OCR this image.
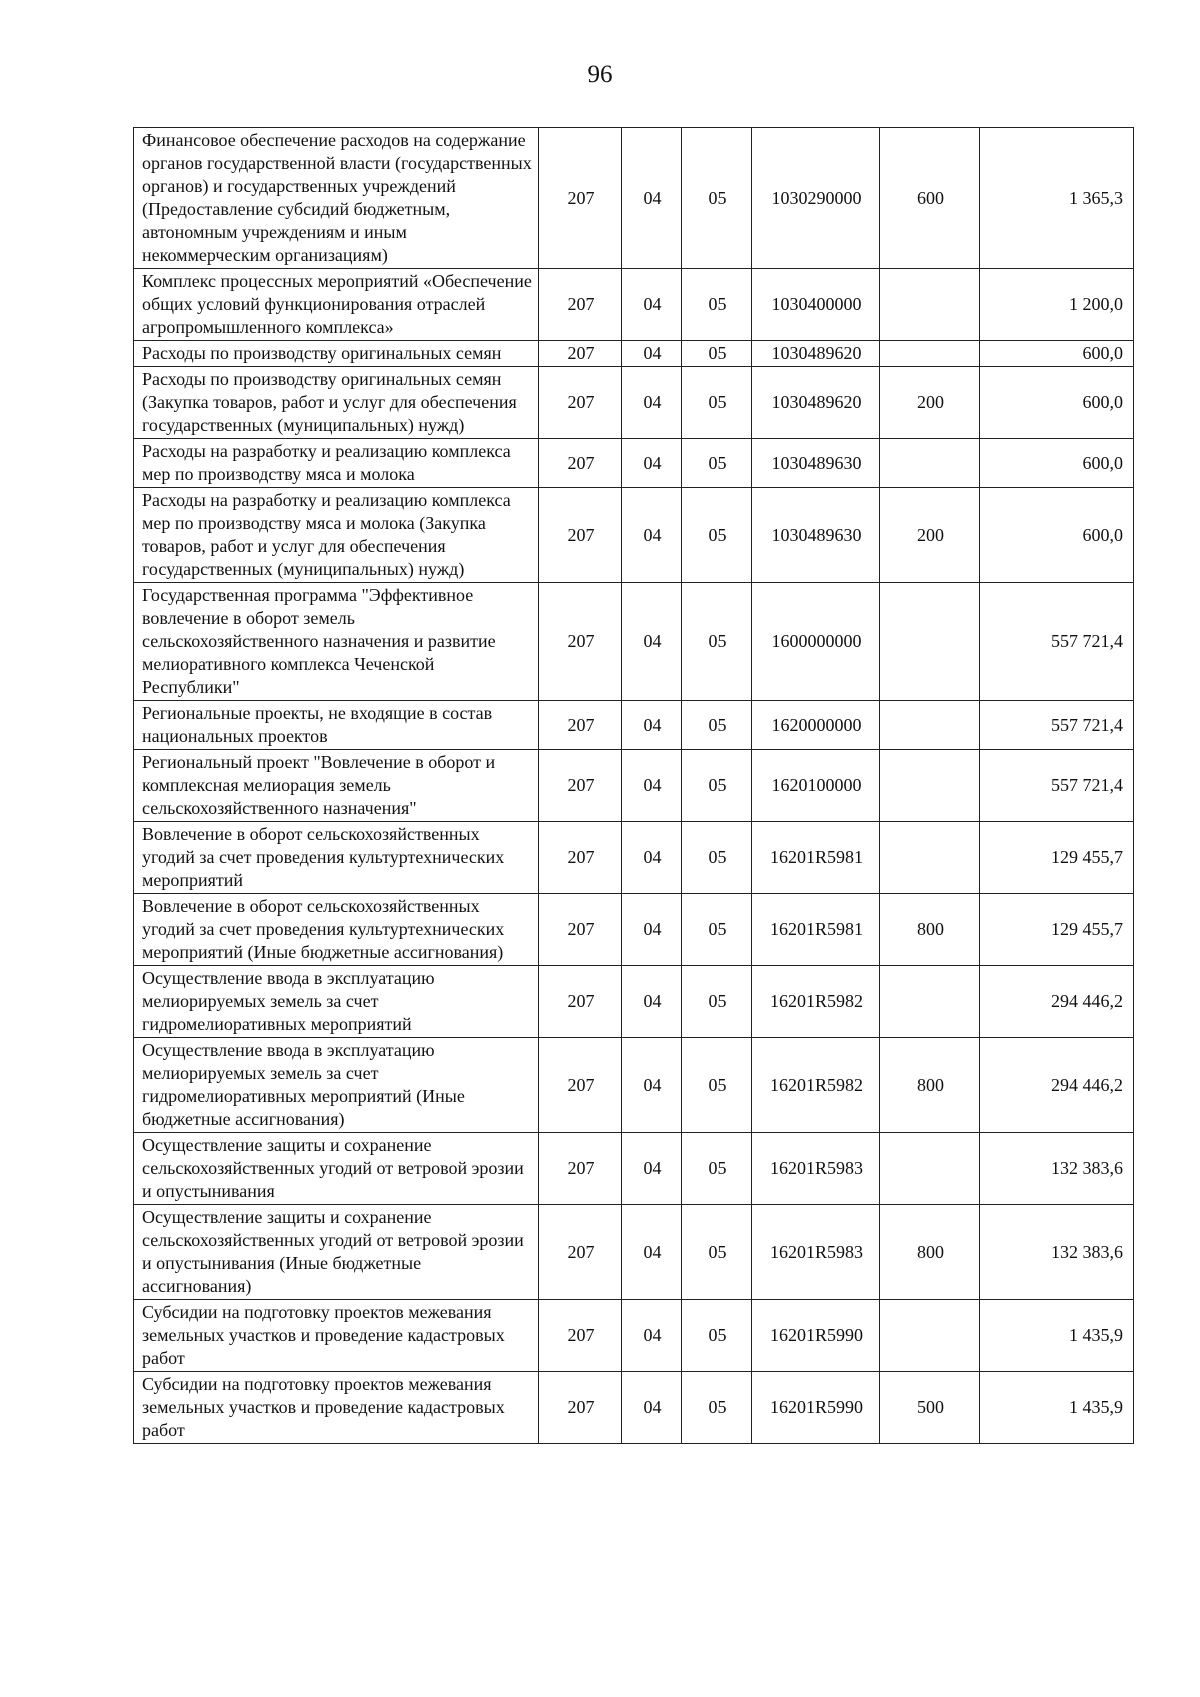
96
Финансовое обеспечение расходов на содержание органов государственной власти (государственных органов) и государственных учреждений (Предоставление субсидий бюджетным, автономным учреждениям и иным некоммерческим организациям)	207	04	05	1030290000	600	1 365,3
Комплекс процессных мероприятий «Обеспечение общих условий функционирования отраслей агропромышленного комплекса»	207	04	05	1030400000		1 200,0
Расходы по производству оригинальных семян	207	04	05	1030489620		600,0
Расходы по производству оригинальных семян (Закупка товаров, работ и услуг для обеспечения государственных (муниципальных) нужд)	207	04	05	1030489620	200	600,0
Расходы на разработку и реализацию комплекса мер по производству мяса и молока	207	04	05	1030489630		600,0
Расходы на разработку и реализацию комплекса мер по производству мяса и молока (Закупка товаров, работ и услуг для обеспечения государственных (муниципальных) нужд)	207	04	05	1030489630	200	600,0
Государственная программа "Эффективное вовлечение в оборот земель сельскохозяйственного назначения и развитие мелиоративного комплекса Чеченской Республики"	207	04	05	1600000000		557 721,4
Региональные проекты, не входящие в состав национальных проектов	207	04	05	1620000000		557 721,4
Региональный проект "Вовлечение в оборот и комплексная мелиорация земель сельскохозяйственного назначения"	207	04	05	1620100000		557 721,4
Вовлечение в оборот сельскохозяйственных угодий за счет проведения культуртехнических мероприятий	207	04	05	16201R5981		129 455,7
Вовлечение в оборот сельскохозяйственных угодий за счет проведения культуртехнических мероприятий (Иные бюджетные ассигнования)	207	04	05	16201R5981	800	129 455,7
Осуществление ввода в эксплуатацию мелиорируемых земель за счет гидромелиоративных мероприятий	207	04	05	16201R5982		294 446,2
Осуществление ввода в эксплуатацию мелиорируемых земель за счет гидромелиоративных мероприятий (Иные бюджетные ассигнования)	207	04	05	16201R5982	800	294 446,2
Осуществление защиты и сохранение сельскохозяйственных угодий от ветровой эрозии и опустынивания	207	04	05	16201R5983		132 383,6
Осуществление защиты и сохранение сельскохозяйственных угодий от ветровой эрозии и опустынивания (Иные бюджетные ассигнования)	207	04	05	16201R5983	800	132 383,6
Субсидии на подготовку проектов межевания земельных участков и проведение кадастровых работ	207	04	05	16201R5990		1 435,9
Субсидии на подготовку проектов межевания земельных участков и проведение кадастровых работ	207	04	05	16201R5990	500	1 435,9
